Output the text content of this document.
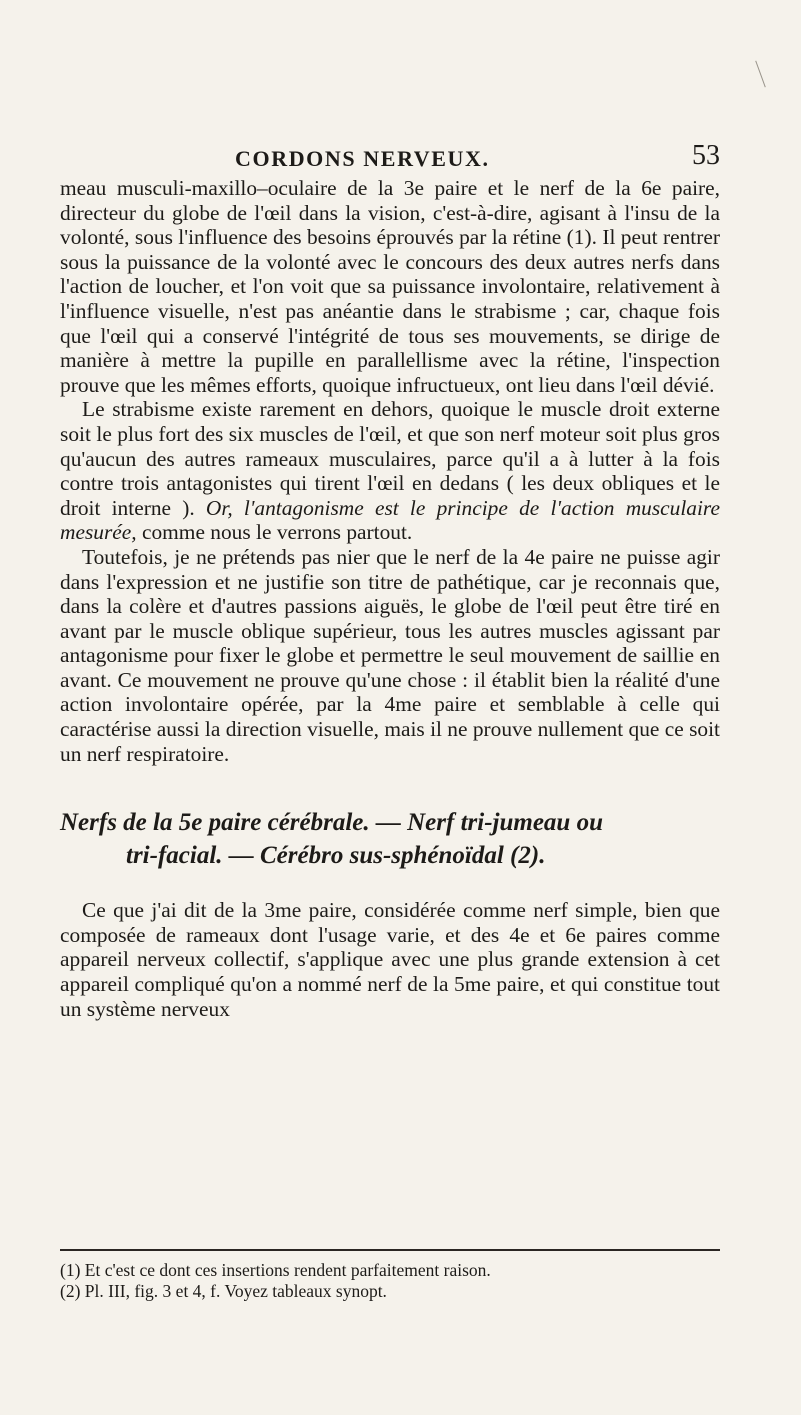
CORDONS NERVEUX.	53

meau musculi-maxillo–oculaire de la 3e paire et le nerf de la 6e paire, directeur du globe de l'œil dans la vision, c'est-à-dire, agisant à l'insu de la volonté, sous l'influence des besoins éprouvés par la rétine (1). Il peut rentrer sous la puissance de la volonté avec le concours des deux autres nerfs dans l'action de loucher, et l'on voit que sa puissance involontaire, relativement à l'influence visuelle, n'est pas anéantie dans le strabisme ; car, chaque fois que l'œil qui a conservé l'intégrité de tous ses mouvements, se dirige de manière à mettre la pupille en parallellisme avec la rétine, l'inspection prouve que les mêmes efforts, quoique infructueux, ont lieu dans l'œil dévié.

Le strabisme existe rarement en dehors, quoique le muscle droit externe soit le plus fort des six muscles de l'œil, et que son nerf moteur soit plus gros qu'aucun des autres rameaux musculaires, parce qu'il a à lutter à la fois contre trois antagonistes qui tirent l'œil en dedans ( les deux obliques et le droit interne ). Or, l'antagonisme est le principe de l'action musculaire mesurée, comme nous le verrons partout.

Toutefois, je ne prétends pas nier que le nerf de la 4e paire ne puisse agir dans l'expression et ne justifie son titre de pathétique, car je reconnais que, dans la colère et d'autres passions aiguës, le globe de l'œil peut être tiré en avant par le muscle oblique supérieur, tous les autres muscles agissant par antagonisme pour fixer le globe et permettre le seul mouvement de saillie en avant. Ce mouvement ne prouve qu'une chose : il établit bien la réalité d'une action involontaire opérée, par la 4me paire et semblable à celle qui caractérise aussi la direction visuelle, mais il ne prouve nullement que ce soit un nerf respiratoire.

Nerfs de la 5e paire cérébrale. — Nerf tri-jumeau ou
tri-facial. — Cérébro sus-sphénoïdal (2).

Ce que j'ai dit de la 3me paire, considérée comme nerf simple, bien que composée de rameaux dont l'usage varie, et des 4e et 6e paires comme appareil nerveux collectif, s'applique avec une plus grande extension à cet appareil compliqué qu'on a nommé nerf de la 5me paire, et qui constitue tout un système nerveux

(1) Et c'est ce dont ces insertions rendent parfaitement raison.

(2) Pl. III, fig. 3 et 4, f. Voyez tableaux synopt.
